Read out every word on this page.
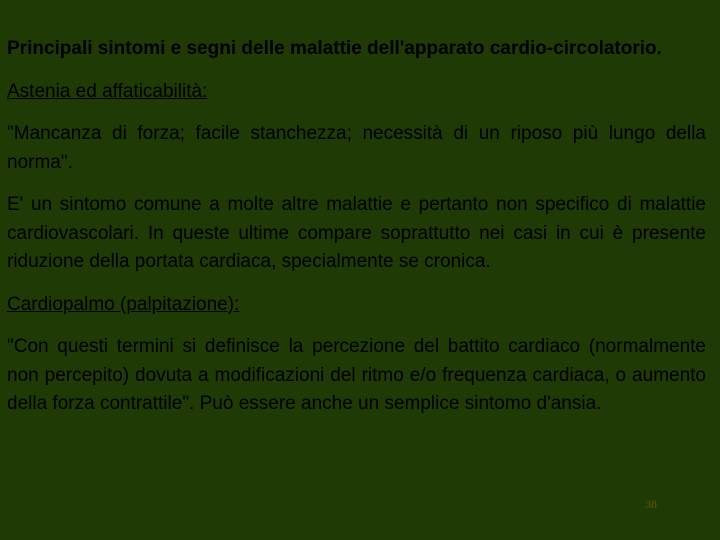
Principali sintomi e segni delle malattie dell'apparato cardio-circolatorio.

Astenia ed affaticabilità:

"Mancanza di forza; facile stanchezza; necessità di un riposo più lungo della norma".

E' un sintomo comune a molte altre malattie e pertanto non specifico di malattie cardiovascolari. In queste ultime compare soprattutto nei casi in cui è presente riduzione della portata cardiaca, specialmente se cronica.

Cardiopalmo (palpitazione):

"Con questi termini si definisce la percezione del battito cardiaco (normalmente non percepito) dovuta a modificazioni del ritmo e/o frequenza cardiaca, o aumento della forza contrattile". Può essere anche un semplice sintomo d'ansia.

38
